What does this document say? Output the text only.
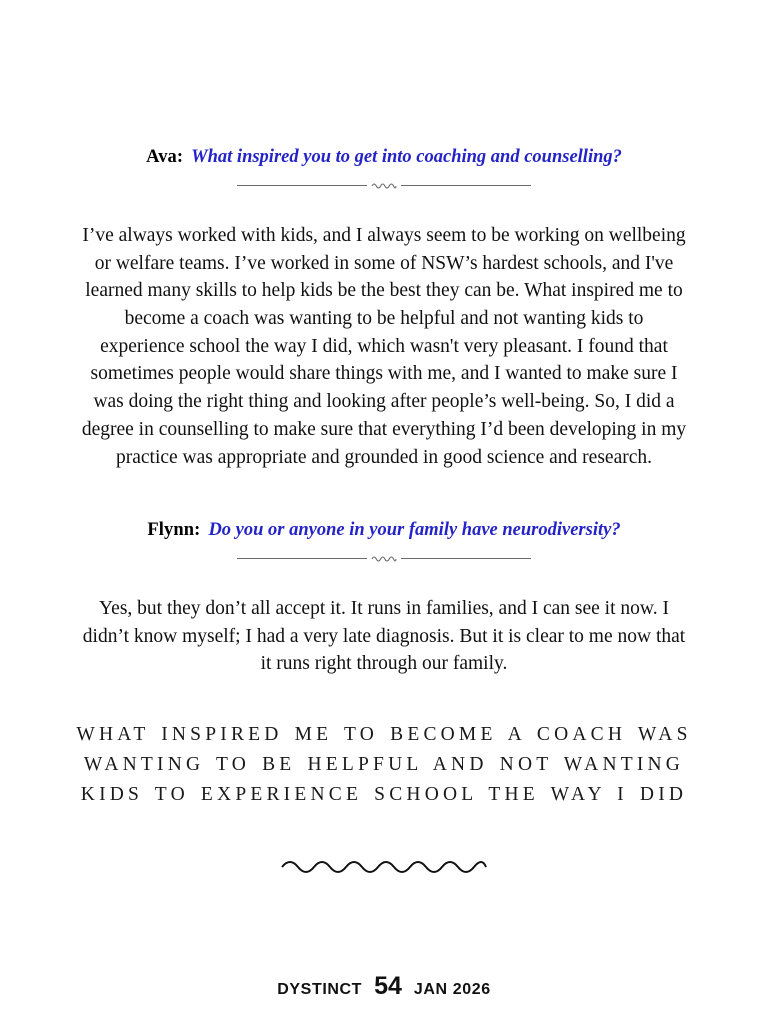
Ava: What inspired you to get into coaching and counselling?
I’ve always worked with kids, and I always seem to be working on wellbeing or welfare teams. I’ve worked in some of NSW’s hardest schools, and I've learned many skills to help kids be the best they can be. What inspired me to become a coach was wanting to be helpful and not wanting kids to experience school the way I did, which wasn't very pleasant. I found that sometimes people would share things with me, and I wanted to make sure I was doing the right thing and looking after people’s well-being. So, I did a degree in counselling to make sure that everything I’d been developing in my practice was appropriate and grounded in good science and research.
Flynn: Do you or anyone in your family have neurodiversity?
Yes, but they don’t all accept it. It runs in families, and I can see it now. I didn’t know myself; I had a very late diagnosis. But it is clear to me now that it runs right through our family.
WHAT INSPIRED ME TO BECOME A COACH WAS WANTING TO BE HELPFUL AND NOT WANTING KIDS TO EXPERIENCE SCHOOL THE WAY I DID
DYSTINCT 54 JAN 2026
